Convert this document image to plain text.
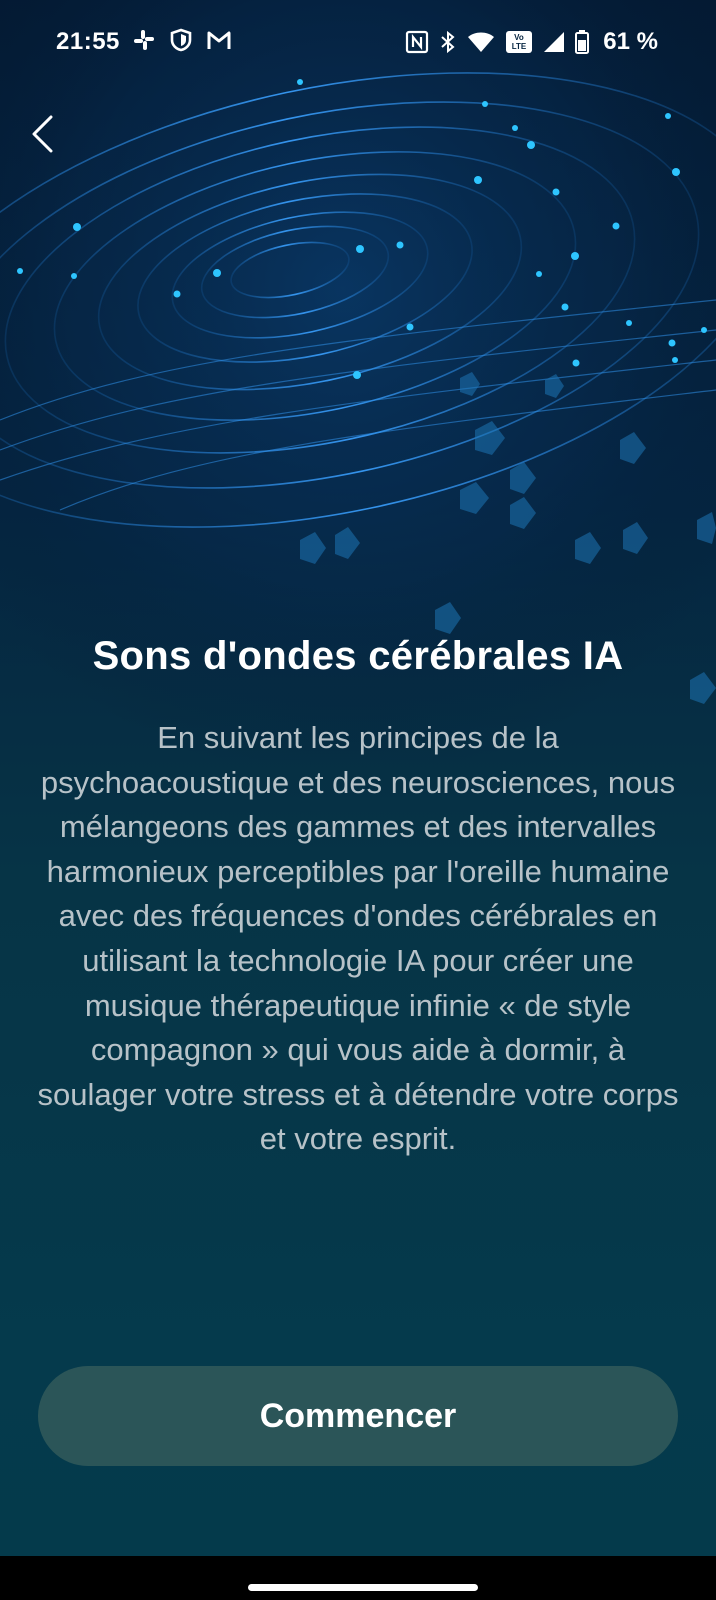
21:55	Vo
LTE	61 %
Sons d'ondes cérébrales IA
En suivant les principes de la psychoacoustique et des neurosciences, nous mélangeons des gammes et des intervalles harmonieux perceptibles par l'oreille humaine avec des fréquences d'ondes cérébrales en utilisant la technologie IA pour créer une musique thérapeutique infinie « de style compagnon » qui vous aide à dormir, à soulager votre stress et à détendre votre corps et votre esprit.
Commencer
